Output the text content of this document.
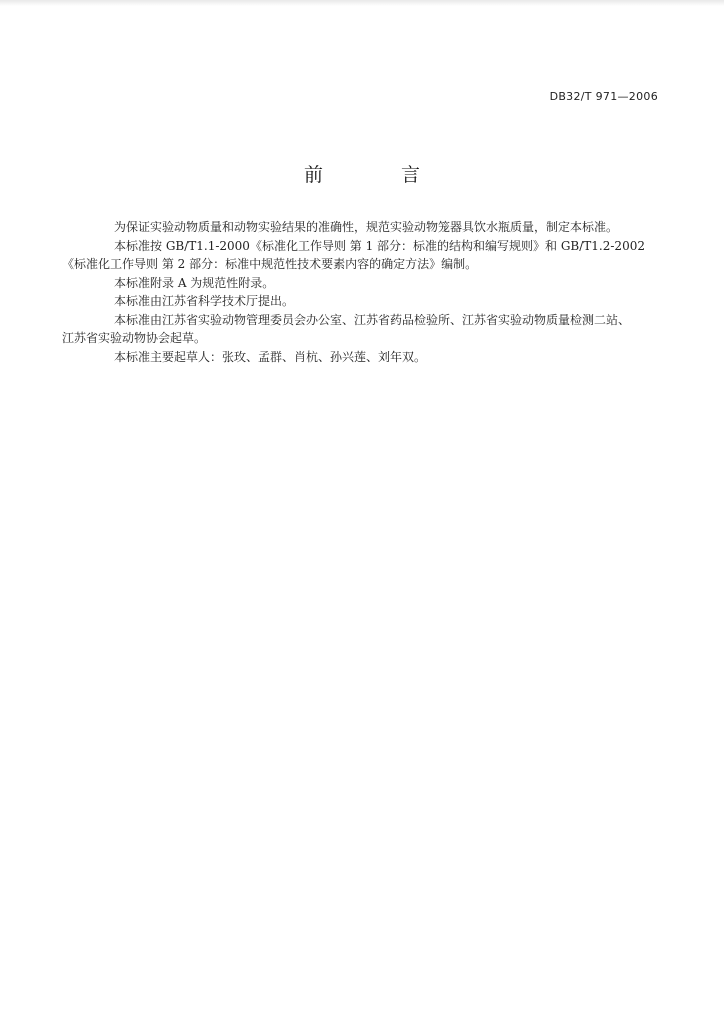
DB32/T 971—2006
前 言

为保证实验动物质量和动物实验结果的准确性，规范实验动物笼器具饮水瓶质量，制定本标准。

本标准按 GB/T1.1-2000《标准化工作导则 第 1 部分：标准的结构和编写规则》和 GB/T1.2-2002
《标准化工作导则 第 2 部分：标准中规范性技术要素内容的确定方法》编制。

本标准附录 A 为规范性附录。

本标准由江苏省科学技术厅提出。

本标准由江苏省实验动物管理委员会办公室、江苏省药品检验所、江苏省实验动物质量检测二站、
江苏省实验动物协会起草。

本标准主要起草人：张玫、孟群、肖杭、孙兴莲、刘年双。
